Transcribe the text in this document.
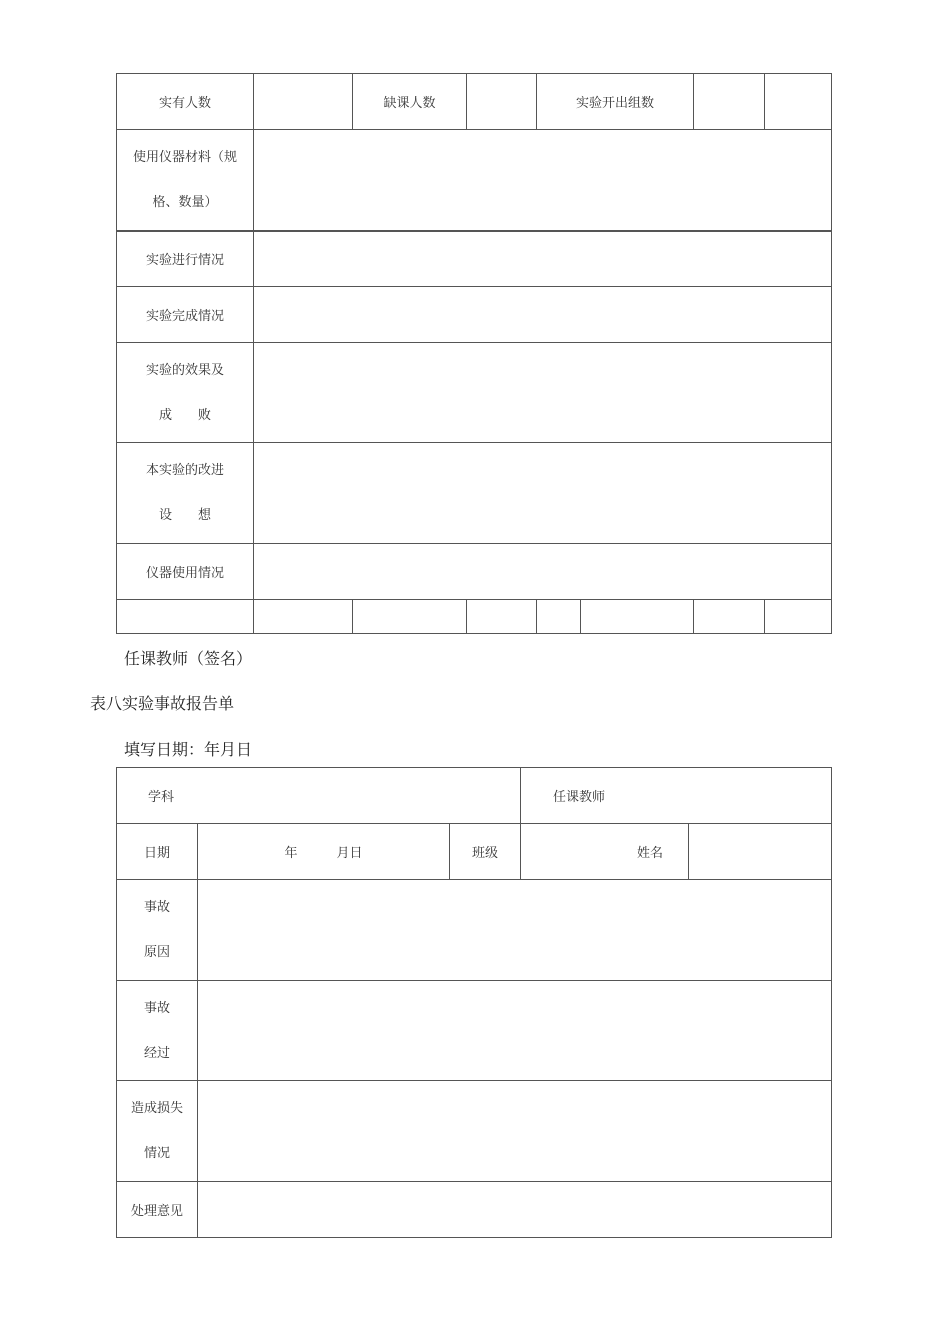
实有人数		缺课人数		实验开出组数			

使用仪器材料（规
格、数量）							

实验进行情况							
实验完成情况							

实验的效果及
成　　败							

本实验的改进
设　　想							

仪器使用情况							

任课教师（签名）
表八实验事故报告单
填写日期：年月日
学科			任课教师	
日期	年　　　月日	班级	姓名	

事故
原因				

事故
经过				

造成损失
情况				

处理意见				
